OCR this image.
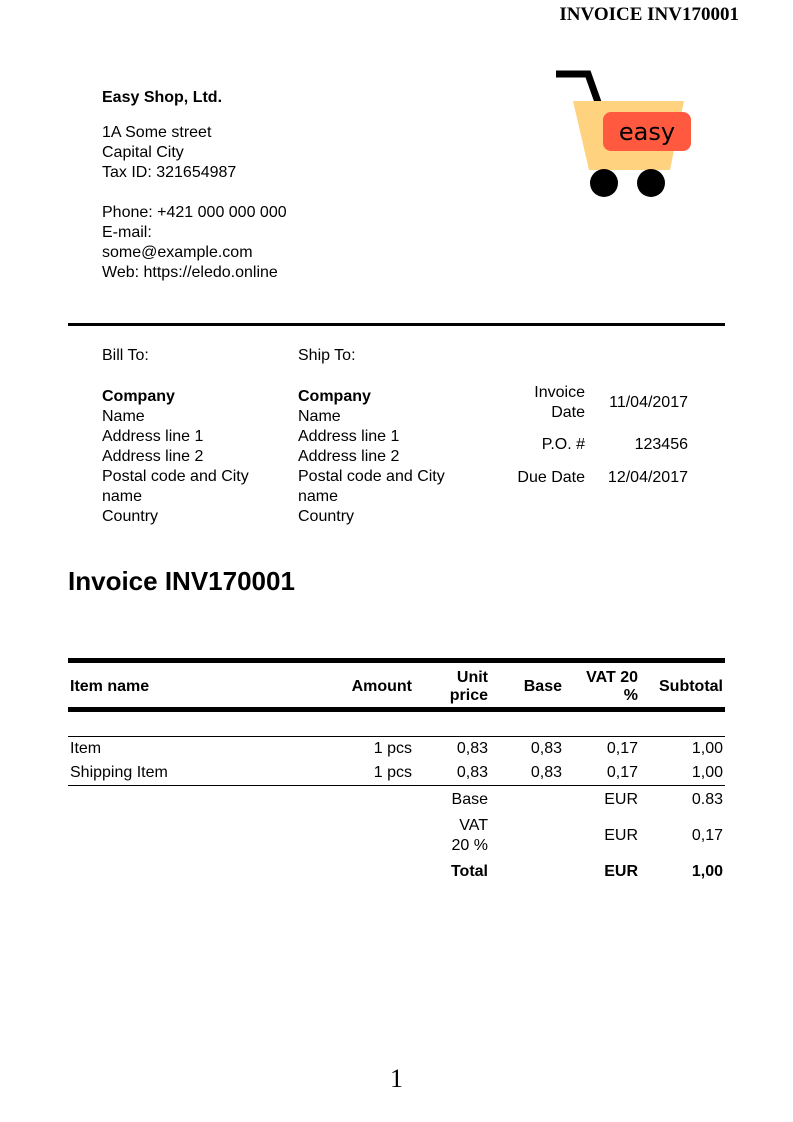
INVOICE INV170001
Easy Shop, Ltd.
1A Some street
Capital City
Tax ID: 321654987
Phone: +421 000 000 000
E-mail:
some@example.com
Web: https://eledo.online
easy
Bill To:	Ship To:
Company
Name
Address line 1
Address line 2
Postal code and City name
Country
Company
Name
Address line 1
Address line 2
Postal code and City name
Country
Invoice Date
11/04/2017
P.O. #	123456
Due Date	12/04/2017
Invoice INV170001
Item name	Amount	Unit price	Base	VAT 20 %	Subtotal

Item	1 pcs	0,83	0,83	0,17	1,00
Shipping Item	1 pcs	0,83	0,83	0,17	1,00
		Base		EUR	0.83
		VAT 20 %		EUR	0,17
		Total		EUR	1,00
1
